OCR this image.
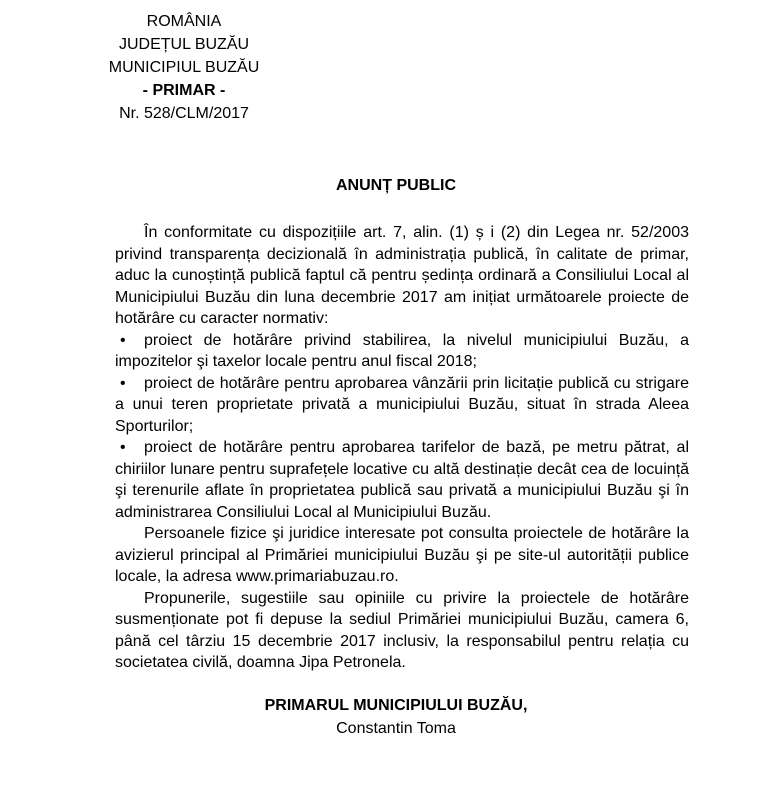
ROMÂNIA
JUDEȚUL BUZĂU
MUNICIPIUL BUZĂU
- PRIMAR -
Nr. 528/CLM/2017
ANUNȚ PUBLIC

În conformitate cu dispozițiile art. 7, alin. (1) ș i (2) din Legea nr. 52/2003 privind transparența decizională în administrația publică, în calitate de primar, aduc la cunoștință publică faptul că pentru ședința ordinară a Consiliului Local al Municipiului Buzău din luna decembrie 2017 am inițiat următoarele proiecte de hotărâre cu caracter normativ:

• proiect de hotărâre privind stabilirea, la nivelul municipiului Buzău, a impozitelor şi taxelor locale pentru anul fiscal 2018;
• proiect de hotărâre pentru aprobarea vânzării prin licitație publică cu strigare a unui teren proprietate privată a municipiului Buzău, situat în strada Aleea Sporturilor;
• proiect de hotărâre pentru aprobarea tarifelor de bază, pe metru pătrat, al chiriilor lunare pentru suprafețele locative cu altă destinație decât cea de locuință şi terenurile aflate în proprietatea publică sau privată a municipiului Buzău şi în administrarea Consiliului Local al Municipiului Buzău.

Persoanele fizice şi juridice interesate pot consulta proiectele de hotărâre la avizierul principal al Primăriei municipiului Buzău şi pe site-ul autorității publice locale, la adresa www.primariabuzau.ro.

Propunerile, sugestiile sau opiniile cu privire la proiectele de hotărâre susmenționate pot fi depuse la sediul Primăriei municipiului Buzău, camera 6, până cel târziu 15 decembrie 2017 inclusiv, la responsabilul pentru relația cu societatea civilă, doamna Jipa Petronela.

PRIMARUL MUNICIPIULUI BUZĂU,
Constantin Toma
